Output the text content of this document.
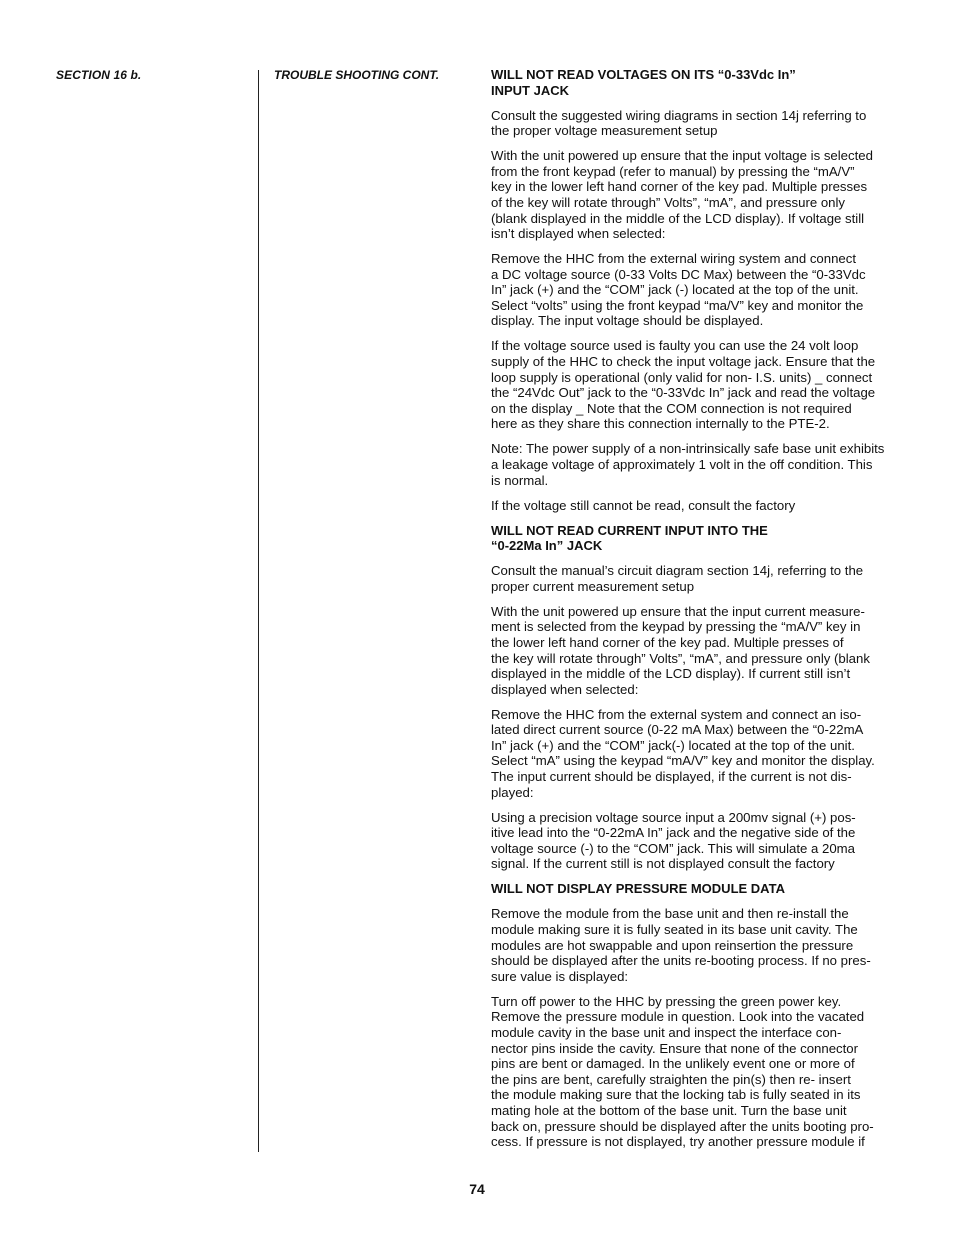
SECTION 16 b.	TROUBLE SHOOTING CONT.	WILL NOT READ VOLTAGES ON ITS “0-33Vdc In”
INPUT JACK

Consult the suggested wiring diagrams in section 14j referring to
the proper voltage measurement setup

With the unit powered up ensure that the input voltage is selected
from the front keypad (refer to manual) by pressing the “mA/V”
key in the lower left hand corner of the key pad. Multiple presses
of the key will rotate through” Volts”, “mA”, and pressure only
(blank displayed in the middle of the LCD display). If voltage still
isn’t displayed when selected:

Remove the HHC from the external wiring system and connect
a DC voltage source (0-33 Volts DC Max) between the “0-33Vdc
In” jack (+) and the “COM” jack (-) located at the top of the unit.
Select “volts” using the front keypad “ma/V” key and monitor the
display. The input voltage should be displayed.

If the voltage source used is faulty you can use the 24 volt loop
supply of the HHC to check the input voltage jack. Ensure that the
loop supply is operational (only valid for non- I.S. units) _ connect
the “24Vdc Out” jack to the “0-33Vdc In” jack and read the voltage
on the display _ Note that the COM connection is not required
here as they share this connection internally to the PTE-2.

Note: The power supply of a non-intrinsically safe base unit exhibits
a leakage voltage of approximately 1 volt in the off condition. This
is normal.

If the voltage still cannot be read, consult the factory

WILL NOT READ CURRENT INPUT INTO THE
“0-22Ma In” JACK

Consult the manual’s circuit diagram section 14j, referring to the
proper current measurement setup

With the unit powered up ensure that the input current measure-
ment is selected from the keypad by pressing the “mA/V” key in
the lower left hand corner of the key pad. Multiple presses of
the key will rotate through” Volts”, “mA”, and pressure only (blank
displayed in the middle of the LCD display). If current still isn’t
displayed when selected:

Remove the HHC from the external system and connect an iso-
lated direct current source (0-22 mA Max) between the “0-22mA
In” jack (+) and the “COM” jack(-) located at the top of the unit.
Select “mA” using the keypad “mA/V” key and monitor the display.
The input current should be displayed, if the current is not dis-
played:

Using a precision voltage source input a 200mv signal (+) pos-
itive lead into the “0-22mA In” jack and the negative side of the
voltage source (-) to the “COM” jack. This will simulate a 20ma
signal. If the current still is not displayed consult the factory

WILL NOT DISPLAY PRESSURE MODULE DATA

Remove the module from the base unit and then re-install the
module making sure it is fully seated in its base unit cavity. The
modules are hot swappable and upon reinsertion the pressure
should be displayed after the units re-booting process. If no pres-
sure value is displayed:

Turn off power to the HHC by pressing the green power key.
Remove the pressure module in question. Look into the vacated
module cavity in the base unit and inspect the interface con-
nector pins inside the cavity. Ensure that none of the connector
pins are bent or damaged. In the unlikely event one or more of
the pins are bent, carefully straighten the pin(s) then re- insert
the module making sure that the locking tab is fully seated in its
mating hole at the bottom of the base unit. Turn the base unit
back on, pressure should be displayed after the units booting pro-
cess. If pressure is not displayed, try another pressure module if

74
